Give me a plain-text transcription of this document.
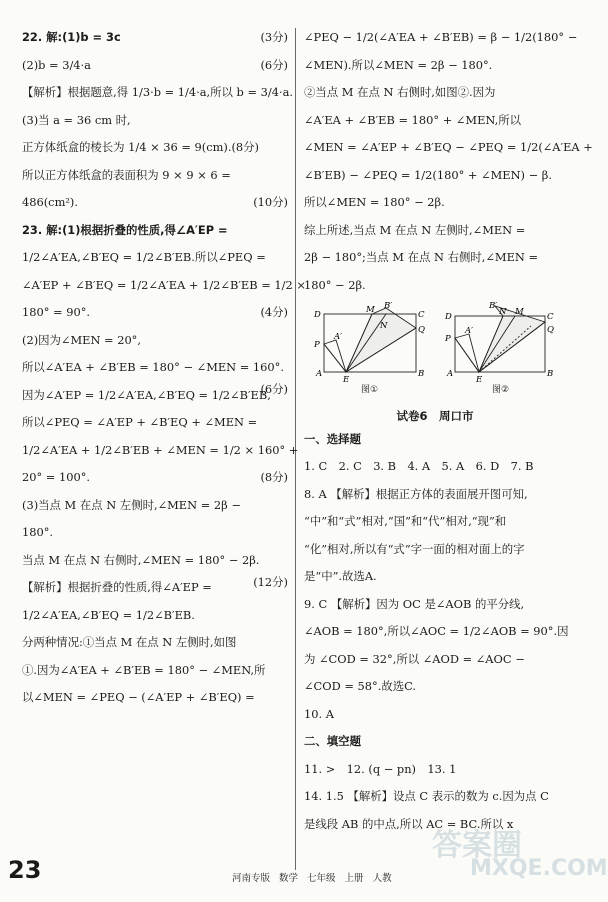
22. 解:(1)b = 3c	(3分)
(2)b = 3/4·a	(6分)
【解析】根据题意,得 1/3·b = 1/4·a,所以 b = 3/4·a.
(3)当 a = 36 cm 时,
正方体纸盒的棱长为 1/4 × 36 = 9(cm).(8分)
所以正方体纸盒的表面积为 9 × 9 × 6 =
486(cm²).	(10分)
23. 解:(1)根据折叠的性质,得∠A′EP =
1/2∠A′EA,∠B′EQ = 1/2∠B′EB.所以∠PEQ =
∠A′EP + ∠B′EQ = 1/2∠A′EA + 1/2∠B′EB = 1/2 ×
180° = 90°.	(4分)
(2)因为∠MEN = 20°,
所以∠A′EA + ∠B′EB = 180° − ∠MEN = 160°.
(6分)
因为∠A′EP = 1/2∠A′EA,∠B′EQ = 1/2∠B′EB,
所以∠PEQ = ∠A′EP + ∠B′EQ + ∠MEN =
1/2∠A′EA + 1/2∠B′EB + ∠MEN = 1/2 × 160° +
20° = 100°.	(8分)
(3)当点 M 在点 N 左侧时,∠MEN = 2β −
180°.
当点 M 在点 N 右侧时,∠MEN = 180° − 2β.
(12分)
【解析】根据折叠的性质,得∠A′EP =
1/2∠A′EA,∠B′EQ = 1/2∠B′EB.
分两种情况:①当点 M 在点 N 左侧时,如图
①.因为∠A′EA + ∠B′EB = 180° − ∠MEN,所
以∠MEN = ∠PEQ − (∠A′EP + ∠B′EQ) =
∠PEQ − 1/2(∠A′EA + ∠B′EB) = β − 1/2(180° −
∠MEN).所以∠MEN = 2β − 180°.
②当点 M 在点 N 右侧时,如图②.因为
∠A′EA + ∠B′EB = 180° + ∠MEN,所以
∠MEN = ∠A′EP + ∠B′EQ − ∠PEQ = 1/2(∠A′EA +
∠B′EB) − ∠PEQ = 1/2(180° + ∠MEN) − β.
所以∠MEN = 180° − 2β.
综上所述,当点 M 在点 N 左侧时,∠MEN =
2β − 180°;当点 M 在点 N 右侧时,∠MEN =
180° − 2β.
D	C
P
A	B
E
M
N
B′
A′
Q
图①
D	C
P
A	B
E
M
N
B′
A′	Q
图②
试卷6　周口市
一、选择题
1. C　2. C　3. B　4. A　5. A　6. D　7. B
8. A 【解析】根据正方体的表面展开图可知,
“中”和“式”相对,“国”和“代”相对,“现”和
“化”相对,所以有“式”字一面的相对面上的字
是“中”.故选A.
9. C 【解析】因为 OC 是∠AOB 的平分线,
∠AOB = 180°,所以∠AOC = 1/2∠AOB = 90°.因
为 ∠COD = 32°,所以 ∠AOD = ∠AOC −
∠COD = 58°.故选C.
10. A
二、填空题
11. >　12. (q − pn)　13. 1
14. 1.5 【解析】设点 C 表示的数为 c.因为点 C
是线段 AB 的中点,所以 AC = BC.所以 x
23	河南专版 数学 七年级 上册 人教
答案圈
MXQE.COM
